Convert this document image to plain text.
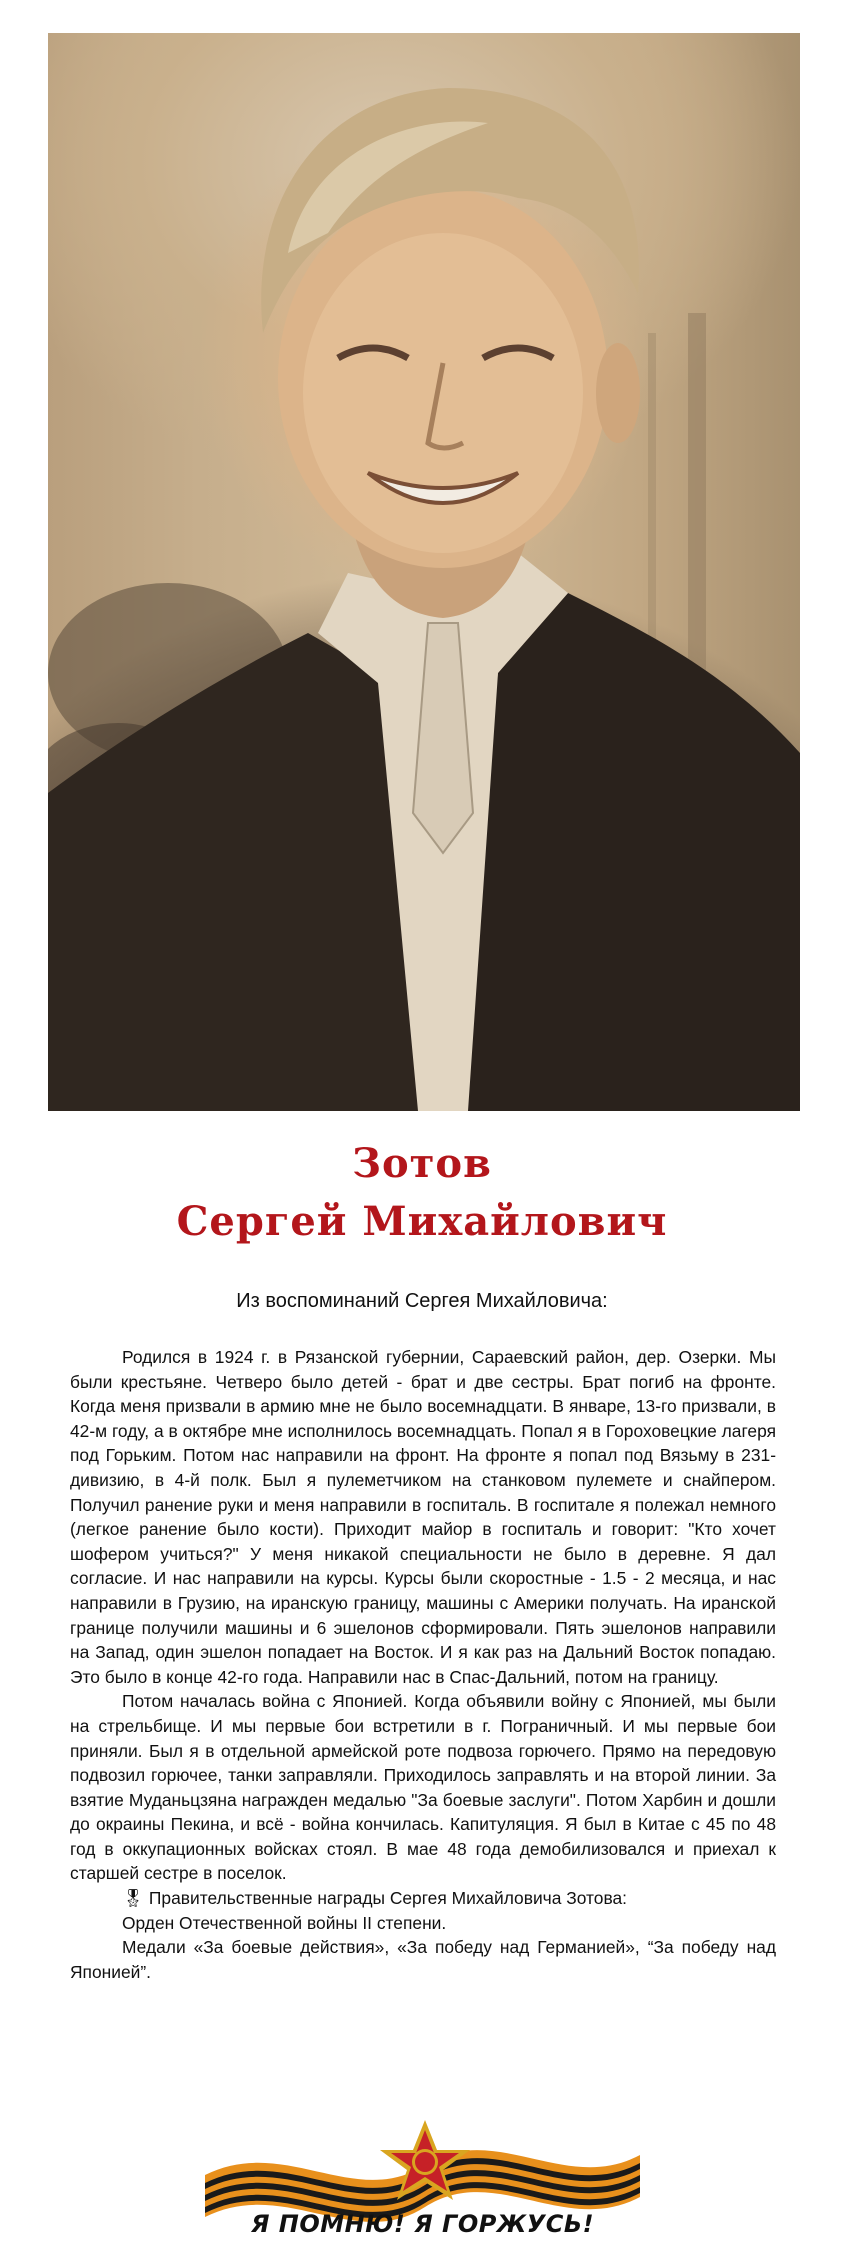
Зотов
Сергей Михайлович
Из воспоминаний Сергея Михайловича:

Родился в 1924 г. в Рязанской губернии, Сараевский район, дер. Озерки. Мы были крестьяне. Четверо было детей - брат и две сестры. Брат погиб на фронте. Когда меня призвали в армию мне не было восемнадцати. В январе, 13-го призвали, в 42-м году, а в октябре мне исполнилось восемнадцать. Попал я в Гороховецкие лагеря под Горьким. Потом нас направили на фронт. На фронте я попал под Вязьму в 231-дивизию, в 4-й полк. Был я пулеметчиком на станковом пулемете и снайпером. Получил ранение руки и меня направили в госпиталь. В госпитале я полежал немного (легкое ранение было кости). Приходит майор в госпиталь и говорит: "Кто хочет шофером учиться?" У меня никакой специальности не было в деревне. Я дал согласие. И нас направили на курсы. Курсы были скоростные - 1.5 - 2 месяца, и нас направили в Грузию, на иранскую границу, машины с Америки получать. На иранской границе получили машины и 6 эшелонов сформировали. Пять эшелонов направили на Запад, один эшелон попадает на Восток. И я как раз на Дальний Восток попадаю. Это было в конце 42-го года. Направили нас в Спас-Дальний, потом на границу.

Потом началась война с Японией. Когда объявили войну с Японией, мы были на стрельбище. И мы первые бои встретили в г. Пограничный. И мы первые бои приняли. Был я в отдельной армейской роте подвоза горючего. Прямо на передовую подвозил горючее, танки заправляли. Приходилось заправлять и на второй линии. За взятие Муданьцзяна награжден медалью "За боевые заслуги". Потом Харбин и дошли до окраины Пекина, и всё - война кончилась. Капитуляция. Я был в Китае с 45 по 48 год в оккупационных войсках стоял. В мае 48 года демобилизовался и приехал к старшей сестре в поселок.

🎖 Правительственные награды Сергея Михайловича Зотова:

Орден Отечественной войны II степени.

Медали «За боевые действия», «За победу над Германией», “За победу над Японией”.

Я ПОМНЮ! Я ГОРЖУСЬ!
